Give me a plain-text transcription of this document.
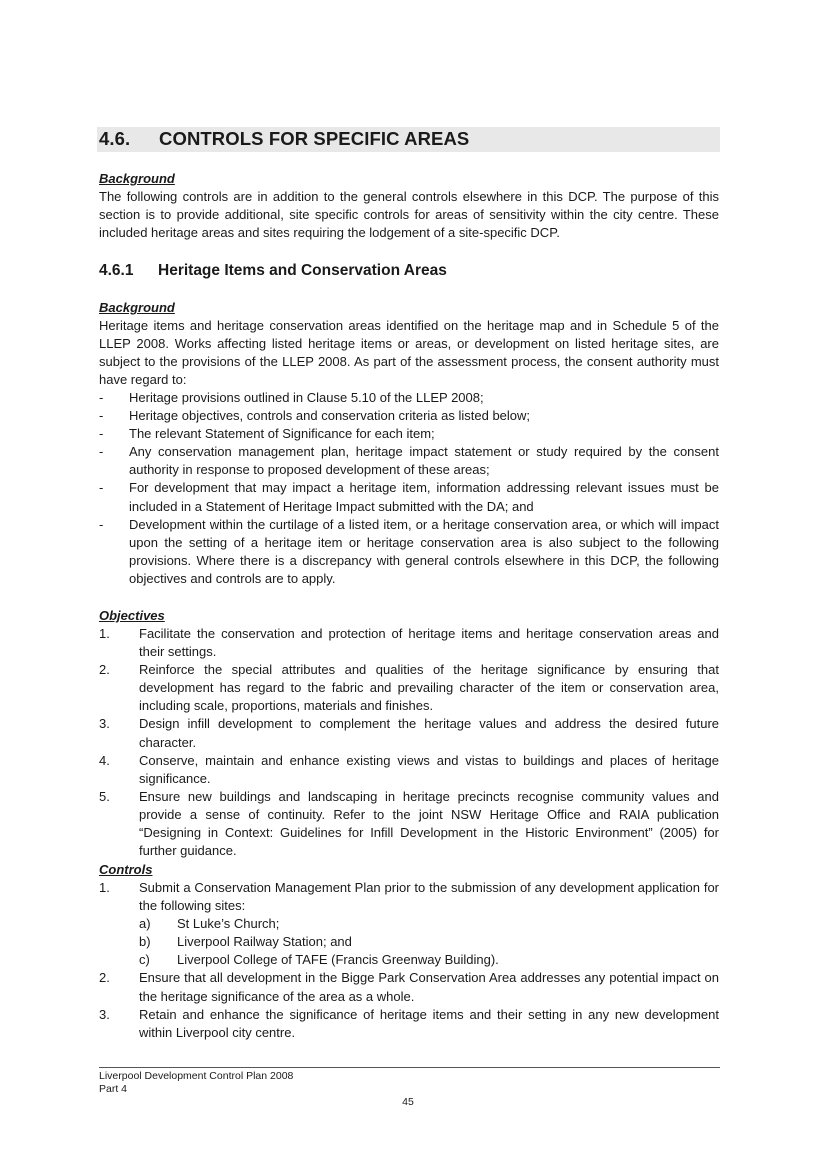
4.6. CONTROLS FOR SPECIFIC AREAS
Background

The following controls are in addition to the general controls elsewhere in this DCP. The purpose of this section is to provide additional, site specific controls for areas of sensitivity within the city centre. These included heritage areas and sites requiring the lodgement of a site-specific DCP.

4.6.1 Heritage Items and Conservation Areas
Background

Heritage items and heritage conservation areas identified on the heritage map and in Schedule 5 of the LLEP 2008. Works affecting listed heritage items or areas, or development on listed heritage sites, are subject to the provisions of the LLEP 2008. As part of the assessment process, the consent authority must have regard to:

- Heritage provisions outlined in Clause 5.10 of the LLEP 2008;
- Heritage objectives, controls and conservation criteria as listed below;
- The relevant Statement of Significance for each item;
- Any conservation management plan, heritage impact statement or study required by the consent authority in response to proposed development of these areas;
- For development that may impact a heritage item, information addressing relevant issues must be included in a Statement of Heritage Impact submitted with the DA; and
- Development within the curtilage of a listed item, or a heritage conservation area, or which will impact upon the setting of a heritage item or heritage conservation area is also subject to the following provisions. Where there is a discrepancy with general controls elsewhere in this DCP, the following objectives and controls are to apply.
Objectives
1. Facilitate the conservation and protection of heritage items and heritage conservation areas and their settings.
2. Reinforce the special attributes and qualities of the heritage significance by ensuring that development has regard to the fabric and prevailing character of the item or conservation area, including scale, proportions, materials and finishes.
3. Design infill development to complement the heritage values and address the desired future character.
4. Conserve, maintain and enhance existing views and vistas to buildings and places of heritage significance.
5. Ensure new buildings and landscaping in heritage precincts recognise community values and provide a sense of continuity. Refer to the joint NSW Heritage Office and RAIA publication “Designing in Context: Guidelines for Infill Development in the Historic Environment” (2005) for further guidance.
Controls
1. Submit a Conservation Management Plan prior to the submission of any development application for the following sites:
a) St Luke’s Church;
b) Liverpool Railway Station; and
c) Liverpool College of TAFE (Francis Greenway Building).
2. Ensure that all development in the Bigge Park Conservation Area addresses any potential impact on the heritage significance of the area as a whole.
3. Retain and enhance the significance of heritage items and their setting in any new development within Liverpool city centre.
Liverpool Development Control Plan 2008
Part 4
45
